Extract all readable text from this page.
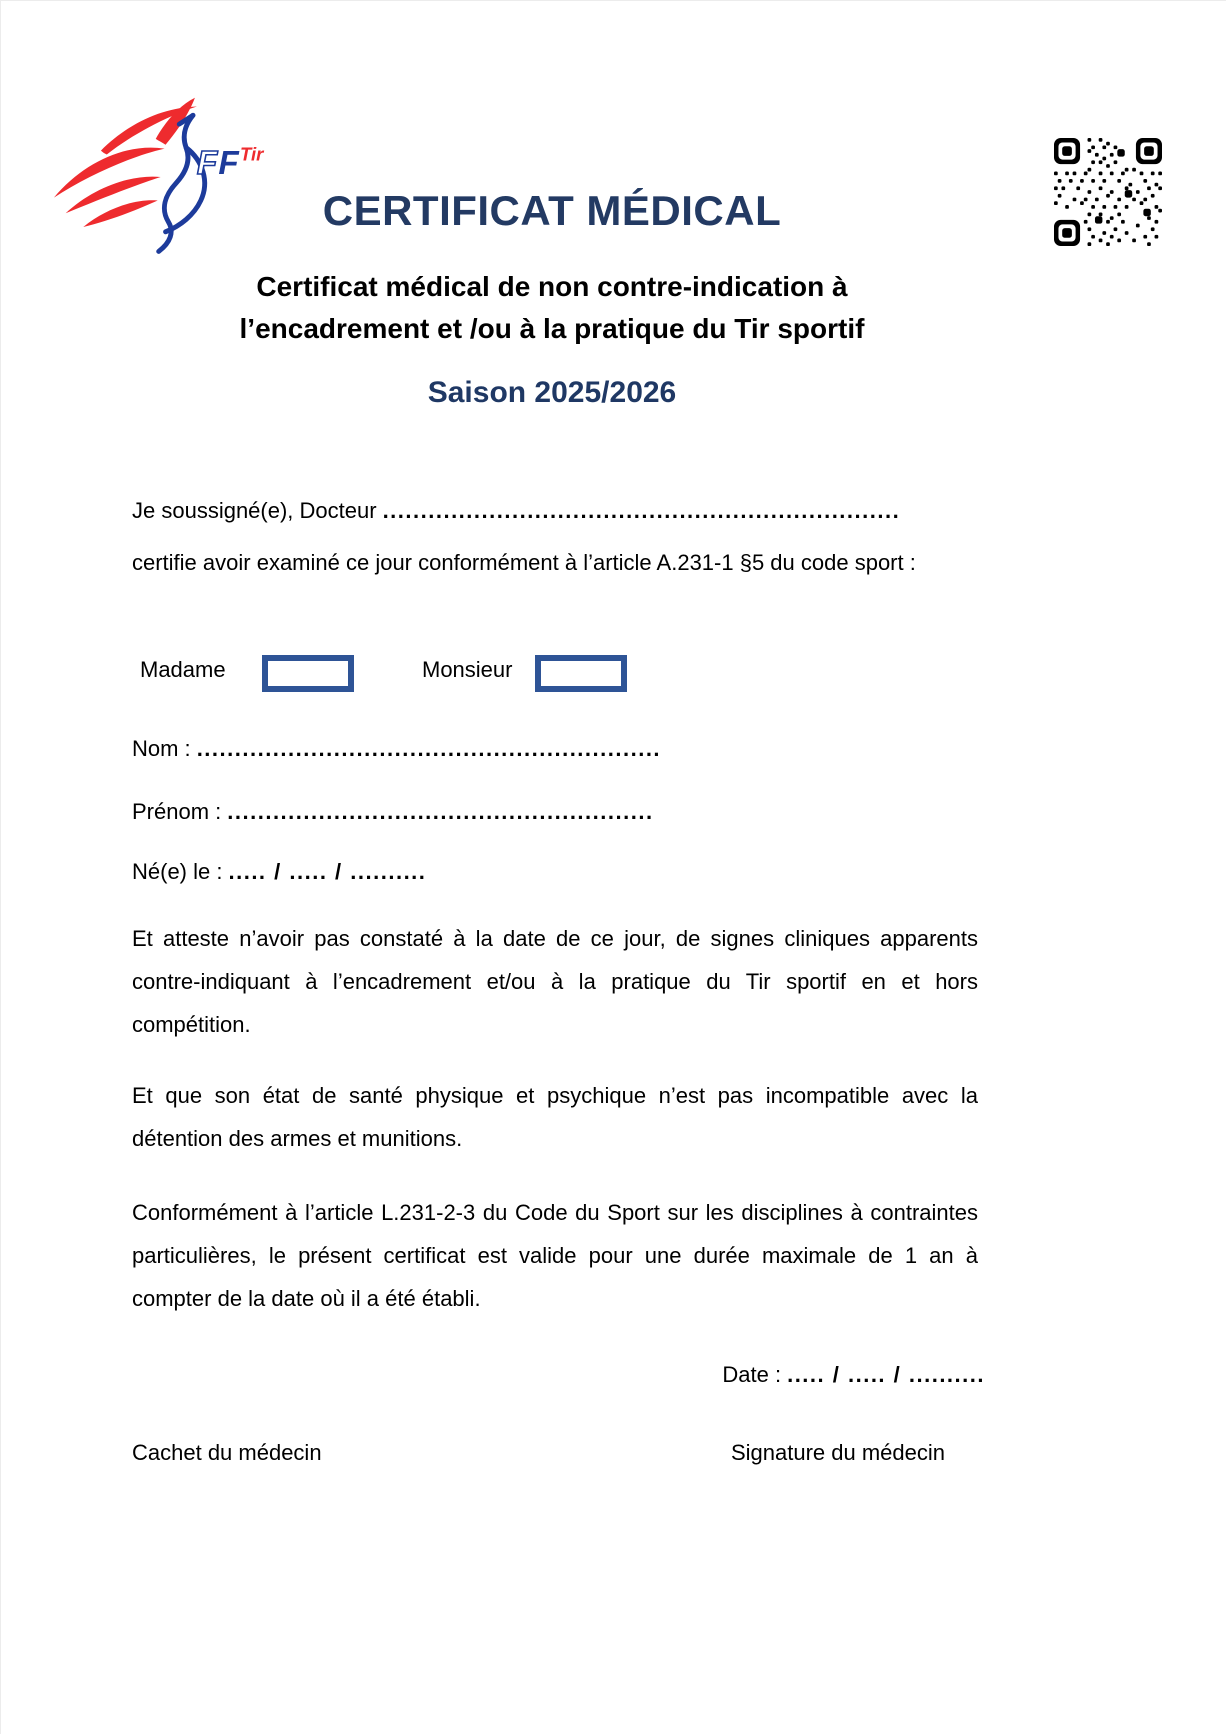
F F Tir
CERTIFICAT MÉDICAL
Certificat médical de non contre-indication à
l’encadrement et /ou à la pratique du Tir sportif
Saison 2025/2026
Je soussigné(e), Docteur ....................................................................
certifie avoir examiné ce jour conformément à l’article A.231-1 §5 du code sport :
Madame	Monsieur
Nom : .............................................................
Prénom : ........................................................
Né(e) le : ..... / ..... / ..........
Et atteste n’avoir pas constaté à la date de ce jour, de signes cliniques apparents contre-indiquant à l’encadrement et/ou à la pratique du Tir sportif en et hors compétition.
Et que son état de santé physique et psychique n’est pas incompatible avec la détention des armes et munitions.
Conformément à l’article L.231-2-3 du Code du Sport sur les disciplines à contraintes particulières, le présent certificat est valide pour une durée maximale de 1 an à compter de la date où il a été établi.
Date : ..... / ..... / ..........
Cachet du médecin	Signature du médecin
